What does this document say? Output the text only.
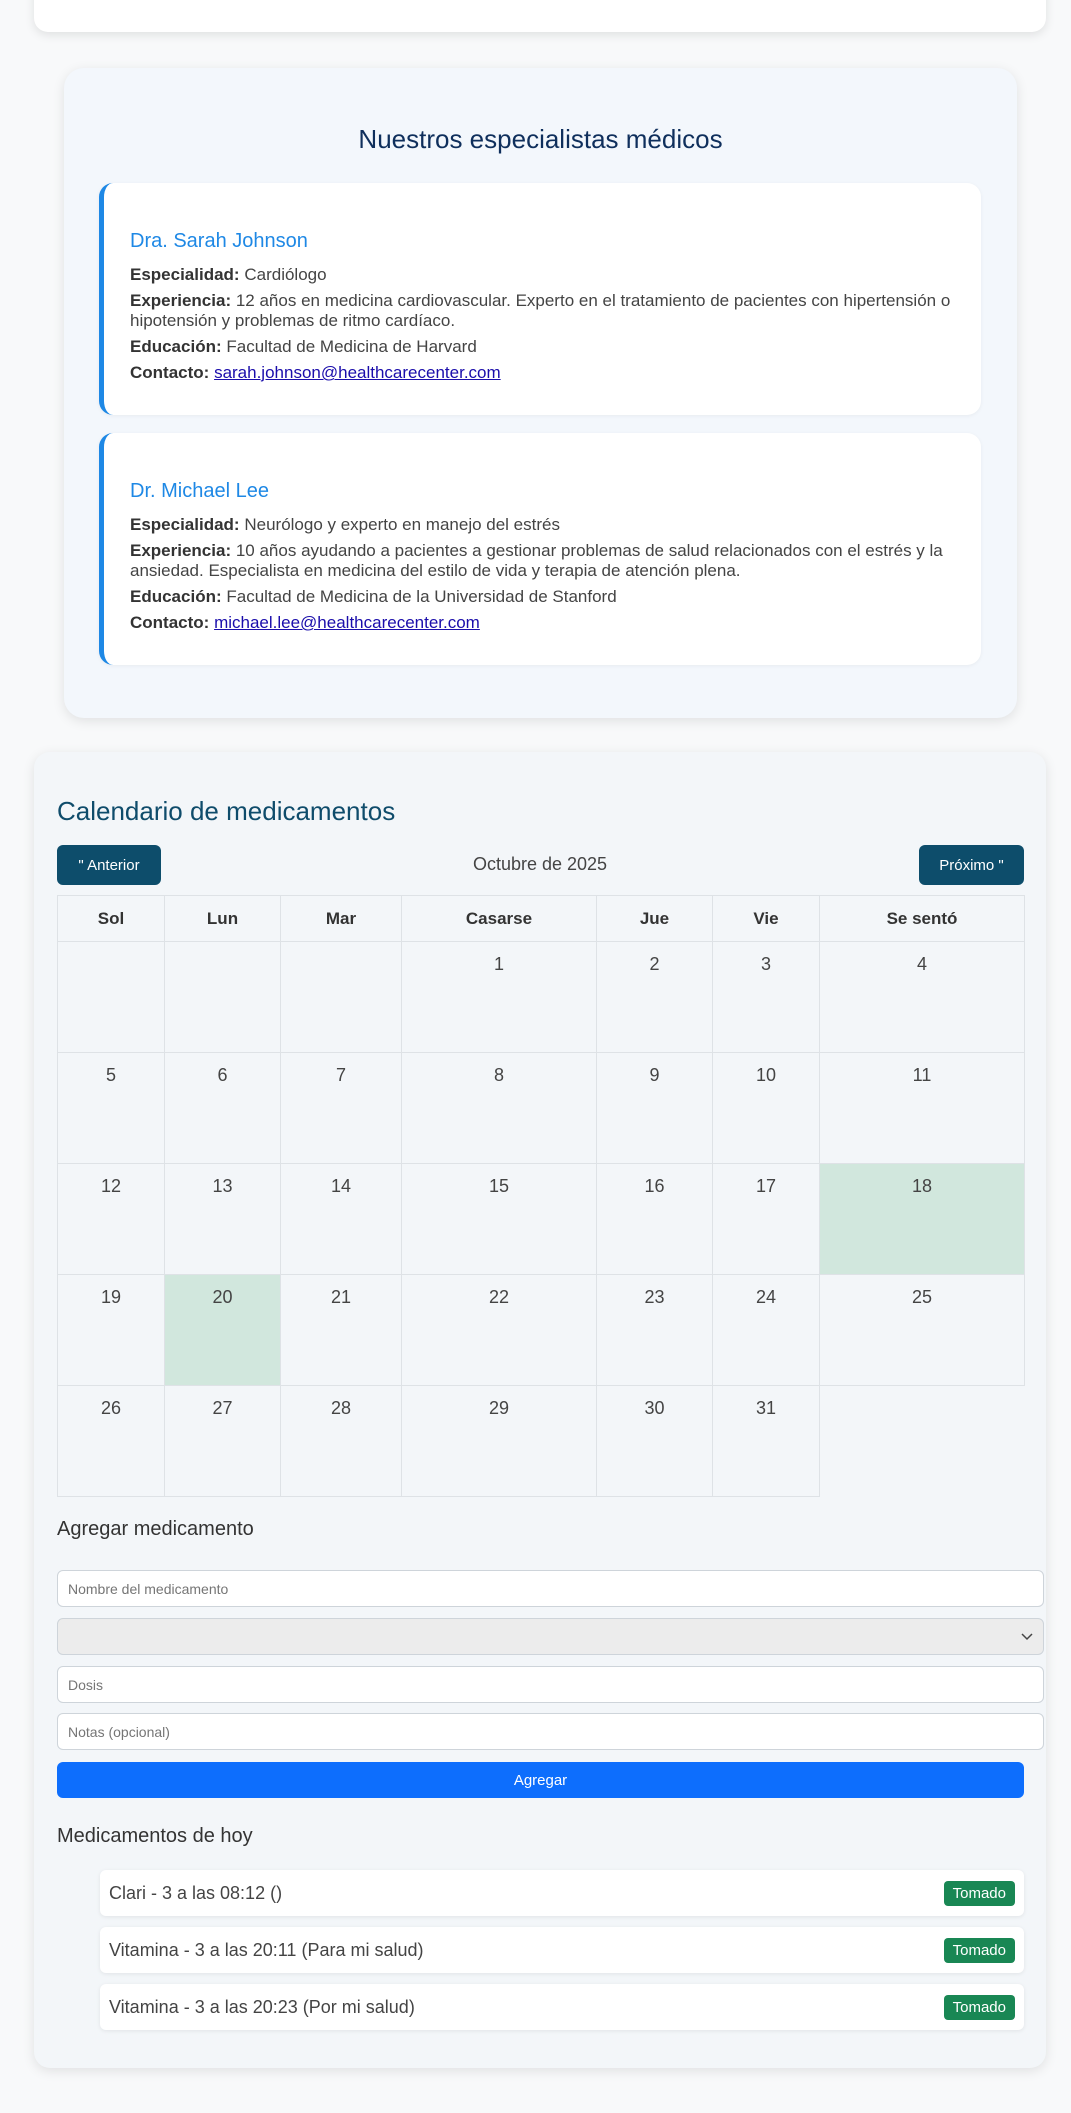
Nuestros especialistas médicos
Dra. Sarah Johnson
Especialidad: Cardiólogo
Experiencia: 12 años en medicina cardiovascular. Experto en el tratamiento de pacientes con hipertensión o hipotensión y problemas de ritmo cardíaco.
Educación: Facultad de Medicina de Harvard
Contacto: sarah.johnson@healthcarecenter.com
Dr. Michael Lee
Especialidad: Neurólogo y experto en manejo del estrés
Experiencia: 10 años ayudando a pacientes a gestionar problemas de salud relacionados con el estrés y la ansiedad. Especialista en medicina del estilo de vida y terapia de atención plena.
Educación: Facultad de Medicina de la Universidad de Stanford
Contacto: michael.lee@healthcarecenter.com
Calendario de medicamentos
" Anterior	Octubre de 2025	Próximo "
Sol	Lun	Mar	Casarse	Jue	Vie	Se sentó
			1	2	3	4
5	6	7	8	9	10	11
12	13	14	15	16	17	18
19	20	21	22	23	24	25
26	27	28	29	30	31	
Agregar medicamento
Nombre del medicamento
Dosis
Notas (opcional)
Agregar
Medicamentos de hoy
Clari - 3 a las 08:12 ()	Tomado
Vitamina - 3 a las 20:11 (Para mi salud)	Tomado
Vitamina - 3 a las 20:23 (Por mi salud)	Tomado
